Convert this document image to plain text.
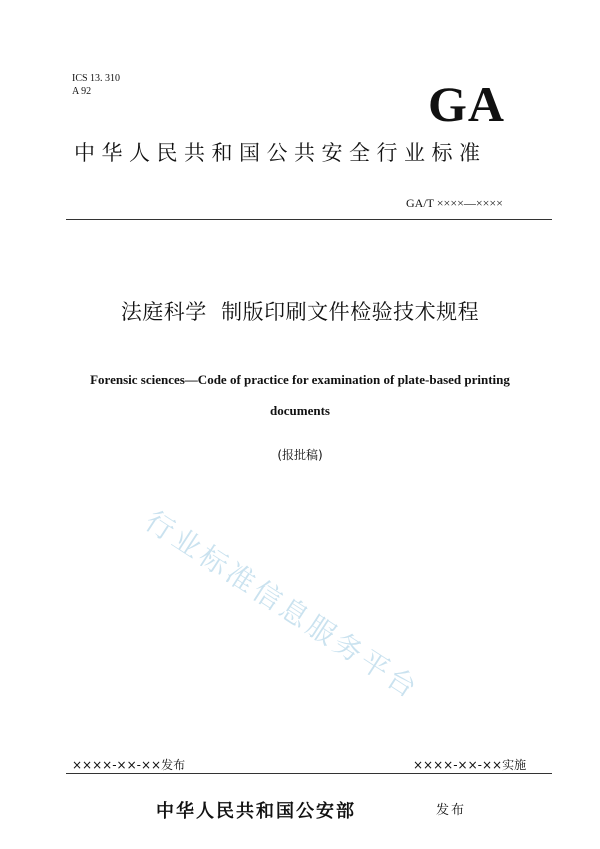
ICS 13. 310
A 92	GA
中华人民共和国公共安全行业标准
GA/T ××××—××××
法庭科学  制版印刷文件检验技术规程
Forensic sciences—Code of practice for examination of plate-based printing
documents
(报批稿)
行业标准信息服务平台
××××-××-××发布	××××-××-××实施
中华人民共和国公安部	发布
